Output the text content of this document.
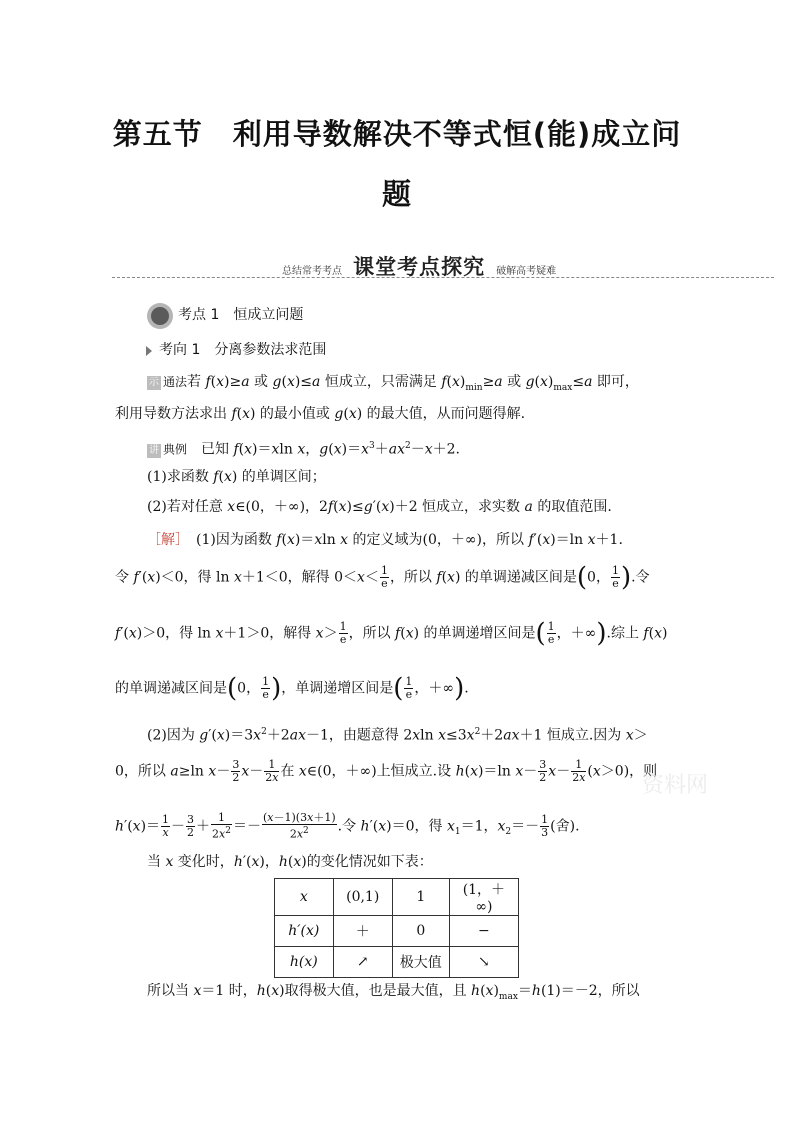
第五节　利用导数解决不等式恒(能)成立问
题
总结常考考点 课堂考点探究 破解高考疑难
考点 1　恒成立问题
考向 1　分离参数法求范围
示 通法若 f(x)≥a 或 g(x)≤a 恒成立，只需满足 $f(x)_{min}\ge a$ 或 $g(x)_{max}\le a$ 即可，
利用导数方法求出 f(x) 的最小值或 g(x) 的最大值，从而问题得解.
讲 典例　已知 f(x)＝xln x，$g(x)=x^3+ax^2-x+2$.
(1)求函数 f(x) 的单调区间；
(2)若对任意 x∈(0，＋∞)，2f(x)≤g′(x)＋2 恒成立，求实数 a 的取值范围.
［解］　(1)因为函数 f(x)＝xln x 的定义域为(0，＋∞)，所以 f′(x)＝ln x＋1.
令 f′(x)＜0，得 ln x＋1＜0，解得 $0<x< \frac{1}{e}$ ，所以 f(x) 的单调递减区间是(0， $\frac{1}{e}$ ).令
f′(x)＞0，得 ln x＋1＞0，解得 $x> \frac{1}{e}$ ，所以 f(x) 的单调递增区间是( $\frac{1}{e}$ ，＋∞).综上 f(x)
的单调递减区间是(0， $\frac{1}{e}$ )，单调递增区间是( $\frac{1}{e}$ ，＋∞).
(2)因为 $g'(x)=3x^2+2ax-1$，由题意得 2xln $x\le 3x^2+2ax+1$ 恒成立.因为 x＞
0，所以 a≥ln $x- \frac{3}{2} x- \frac{1}{2x}$ 在 x∈(0，＋∞)上恒成立.设 h(x)＝ln $x- \frac{3}{2} x- \frac{1}{2x} (x>0)$，则
$h'(x)= \frac{1}{x} - \frac{3}{2} + \frac{1}{2x^2} =- \frac{(x-1)(3x+1)}{2x^2}$ .令 h′(x)＝0，得 $x_1=1$，$x_2=- \frac{1}{3}$ (舍).
当 x 变化时，h′(x)，h(x)的变化情况如下表：
x	(0,1)	1	(1，＋∞)
h′(x)	＋	0	−
h(x)	↗	极大值	↘
所以当 x＝1 时，h(x)取得极大值，也是最大值，且 $h(x)_{max}=h(1)=-2$，所以
资料网
